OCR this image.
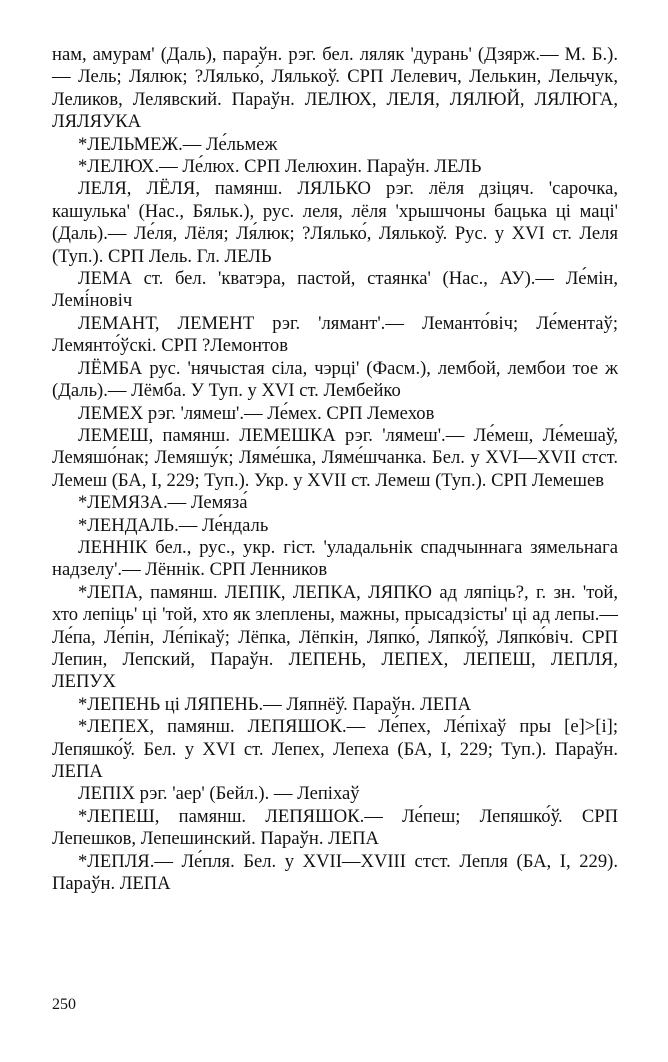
нам, амурам' (Даль), параўн. рэг. бел. ляляк 'дурань' (Дзярж.— М. Б.).— Лель; Лялюк; ?Лялько́, Лялькоў. СРП Лелевич, Лелькин, Лельчук, Леликов, Лелявский. Параўн. ЛЕЛЮХ, ЛЕЛЯ, ЛЯЛЮЙ, ЛЯЛЮГА, ЛЯЛЯУКА

*ЛЕЛЬМЕЖ.— Ле́льмеж

*ЛЕЛЮХ.— Ле́люх. СРП Лелюхин. Параўн. ЛЕЛЬ

ЛЕЛЯ, ЛЁЛЯ, памянш. ЛЯЛЬКО рэг. лёля дзіцяч. 'сарочка, кашулька' (Нас., Бяльк.), рус. леля, лёля 'хрышчоны бацька ці маці' (Даль).— Ле́ля, Лёля; Ля́люк; ?Лялько́, Лялькоў. Рус. у XVI ст. Леля (Туп.). СРП Лель. Гл. ЛЕЛЬ

ЛЕМА ст. бел. 'кватэра, пастой, стаянка' (Нас., АУ).— Ле́мін, Лемі́новіч

ЛЕМАНТ, ЛЕМЕНТ рэг. 'лямант'.— Леманто́віч; Ле́ментаў; Лемянто́ўскі. СРП ?Лемонтов

ЛЁМБА рус. 'нячыстая сіла, чэрці' (Фасм.), лембой, лембои тое ж (Даль).— Лёмба. У Туп. у XVI ст. Лембейко

ЛЕМЕХ рэг. 'лямеш'.— Ле́мех. СРП Лемехов

ЛЕМЕШ, памянш. ЛЕМЕШКА рэг. 'лямеш'.— Ле́меш, Ле́мешаў, Лемяшо́нак; Лемяшу́к; Ляме́шка, Ляме́шчанка. Бел. у XVI—XVII стст. Лемеш (БА, I, 229; Туп.). Укр. у XVII ст. Лемеш (Туп.). СРП Лемешев

*ЛЕМЯЗА.— Лемяза́

*ЛЕНДАЛЬ.— Ле́ндаль

ЛЕННІК бел., рус., укр. гіст. 'уладальнік спадчыннага зямельнага надзелу'.— Лённік. СРП Ленников

*ЛЕПА, памянш. ЛЕПІК, ЛЕПКА, ЛЯПКО ад ляпіць?, г. зн. 'той, хто лепіць' ці 'той, хто як злеплены, мажны, прысадзісты' ці ад лепы.— Ле́па, Ле́пін, Ле́пікаў; Лёпка, Лёпкін, Ляпко́, Ляпко́ў, Ляпко́віч. СРП Лепин, Лепский, Параўн. ЛЕПЕНЬ, ЛЕПЕХ, ЛЕПЕШ, ЛЕПЛЯ, ЛЕПУХ

*ЛЕПЕНЬ ці ЛЯПЕНЬ.— Ляпнёў. Параўн. ЛЕПА

*ЛЕПЕХ, памянш. ЛЕПЯШОК.— Ле́пех, Ле́піхаў пры [е]>[і]; Лепяшко́ў. Бел. у XVI ст. Лепех, Лепеха (БА, I, 229; Туп.). Параўн. ЛЕПА

ЛЕПІХ рэг. 'аер' (Бейл.). — Лепіхаў

*ЛЕПЕШ, памянш. ЛЕПЯШОК.— Ле́пеш; Лепяшко́ў. СРП Лепешков, Лепешинский. Параўн. ЛЕПА

*ЛЕПЛЯ.— Ле́пля. Бел. у XVII—XVIII стст. Лепля (БА, I, 229). Параўн. ЛЕПА

250
